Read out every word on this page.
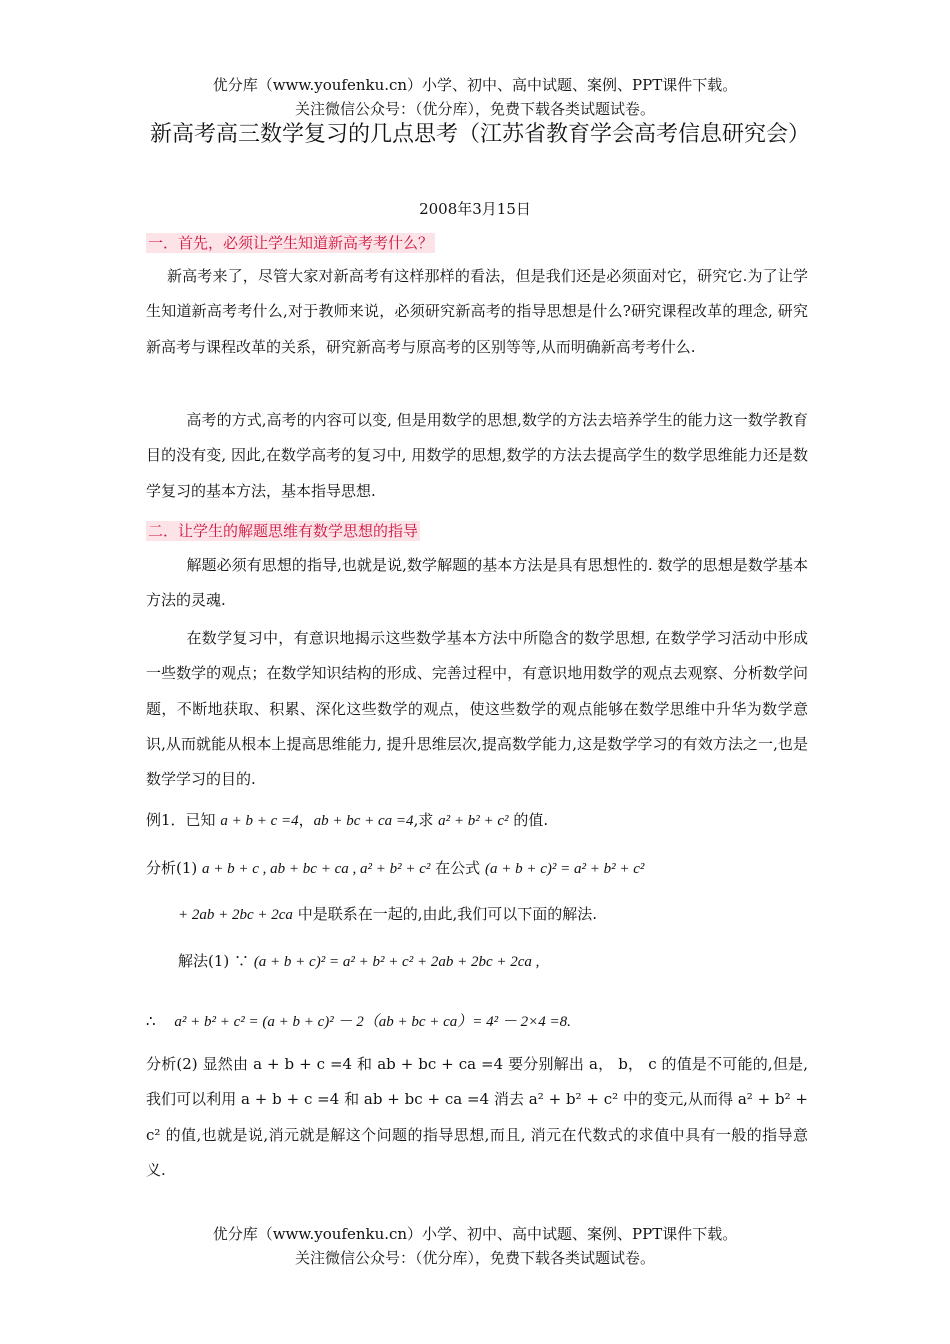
优分库（www.youfenku.cn）小学、初中、高中试题、案例、PPT课件下载。
关注微信公众号：（优分库），免费下载各类试题试卷。
新高考高三数学复习的几点思考（江苏省教育学会高考信息研究会）
2008年3月15日
一．首先，必须让学生知道新高考考什么？
新高考来了，尽管大家对新高考有这样那样的看法，但是我们还是必须面对它，研究它.为了让学生知道新高考考什么,对于教师来说，必须研究新高考的指导思想是什么?研究课程改革的理念, 研究新高考与课程改革的关系，研究新高考与原高考的区别等等,从而明确新高考考什么.
高考的方式,高考的内容可以变, 但是用数学的思想,数学的方法去培养学生的能力这一数学教育目的没有变, 因此,在数学高考的复习中, 用数学的思想,数学的方法去提高学生的数学思维能力还是数学复习的基本方法，基本指导思想.
二．让学生的解题思维有数学思想的指导
解题必须有思想的指导,也就是说,数学解题的基本方法是具有思想性的. 数学的思想是数学基本方法的灵魂.
在数学复习中，有意识地揭示这些数学基本方法中所隐含的数学思想, 在数学学习活动中形成一些数学的观点；在数学知识结构的形成、完善过程中，有意识地用数学的观点去观察、分析数学问题，不断地获取、积累、深化这些数学的观点，使这些数学的观点能够在数学思维中升华为数学意识,从而就能从根本上提高思维能力, 提升思维层次,提高数学能力,这是数学学习的有效方法之一,也是数学学习的目的.
例1．已知 a + b + c =4，ab + bc + ca =4,求 a² + b² + c² 的值.
分析(1) a + b + c , ab + bc + ca , a² + b² + c² 在公式 (a + b + c)² = a² + b² + c²
+ 2ab + 2bc + 2ca 中是联系在一起的,由此,我们可以下面的解法.
解法(1) ∵ (a + b + c)² = a² + b² + c² + 2ab + 2bc + 2ca ,
∴ a² + b² + c² = (a + b + c)² － 2（ab + bc + ca）= 4² － 2×4 =8.
分析(2) 显然由 a + b + c =4 和 ab + bc + ca =4 要分别解出 a， b， c 的值是不可能的,但是,我们可以利用 a + b + c =4 和 ab + bc + ca =4 消去 a² + b² + c² 中的变元,从而得 a² + b² + c² 的值,也就是说,消元就是解这个问题的指导思想,而且, 消元在代数式的求值中具有一般的指导意义.
优分库（www.youfenku.cn）小学、初中、高中试题、案例、PPT课件下载。
关注微信公众号：（优分库），免费下载各类试题试卷。
